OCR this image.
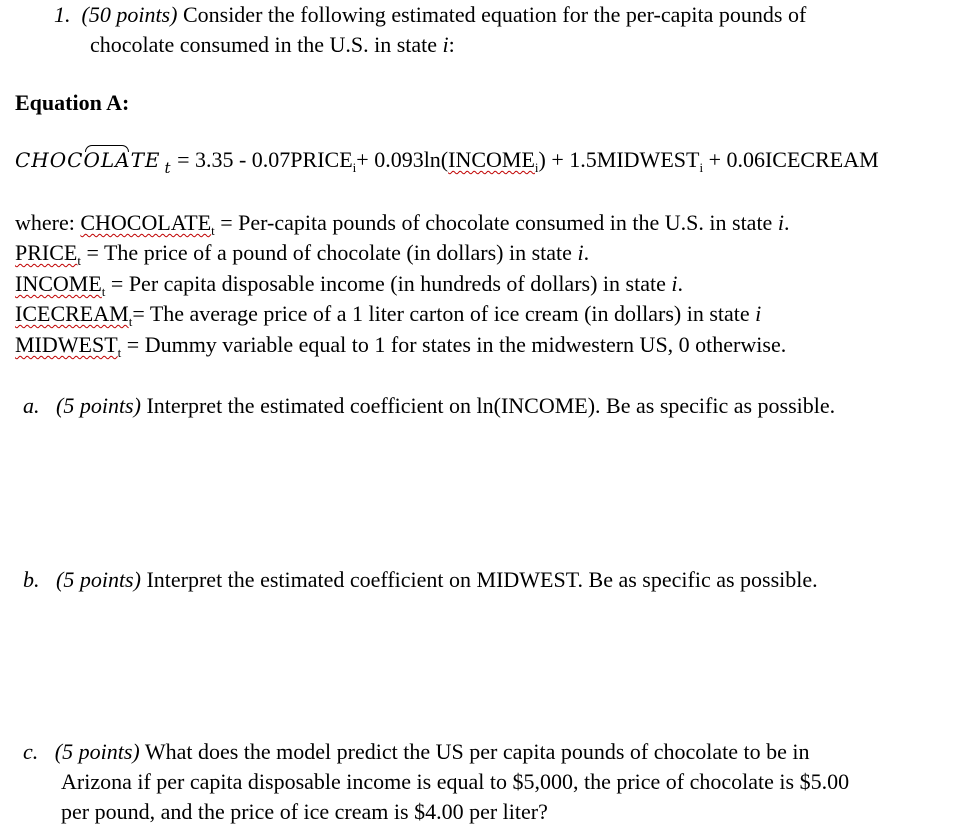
1. (50 points) Consider the following estimated equation for the per-capita pounds of
chocolate consumed in the U.S. in state i:
Equation A:
CHOCOLATE $_t = 3.35 - 0.07PRICE_i+$ $0.093\ln(INCOME_i)$ + $1.5MIDWEST_i$ + 0.06ICECREAM
where: $CHOCOLATE_t$ = Per-capita pounds of chocolate consumed in the U.S. in state i.
$PRICE_t$ = The price of a pound of chocolate (in dollars) in state i.
$INCOME_t$ = Per capita disposable income (in hundreds of dollars) in state i.
$ICECREAM_t=$ The average price of a 1 liter carton of ice cream (in dollars) in state i
$MIDWEST_t$ = Dummy variable equal to 1 for states in the midwestern US, 0 otherwise.
a. (5 points) Interpret the estimated coefficient on ln(INCOME). Be as specific as possible.
b. (5 points) Interpret the estimated coefficient on MIDWEST. Be as specific as possible.
c. (5 points) What does the model predict the US per capita pounds of chocolate to be in
Arizona if per capita disposable income is equal to $5,000, the price of chocolate is $5.00
per pound, and the price of ice cream is $4.00 per liter?
